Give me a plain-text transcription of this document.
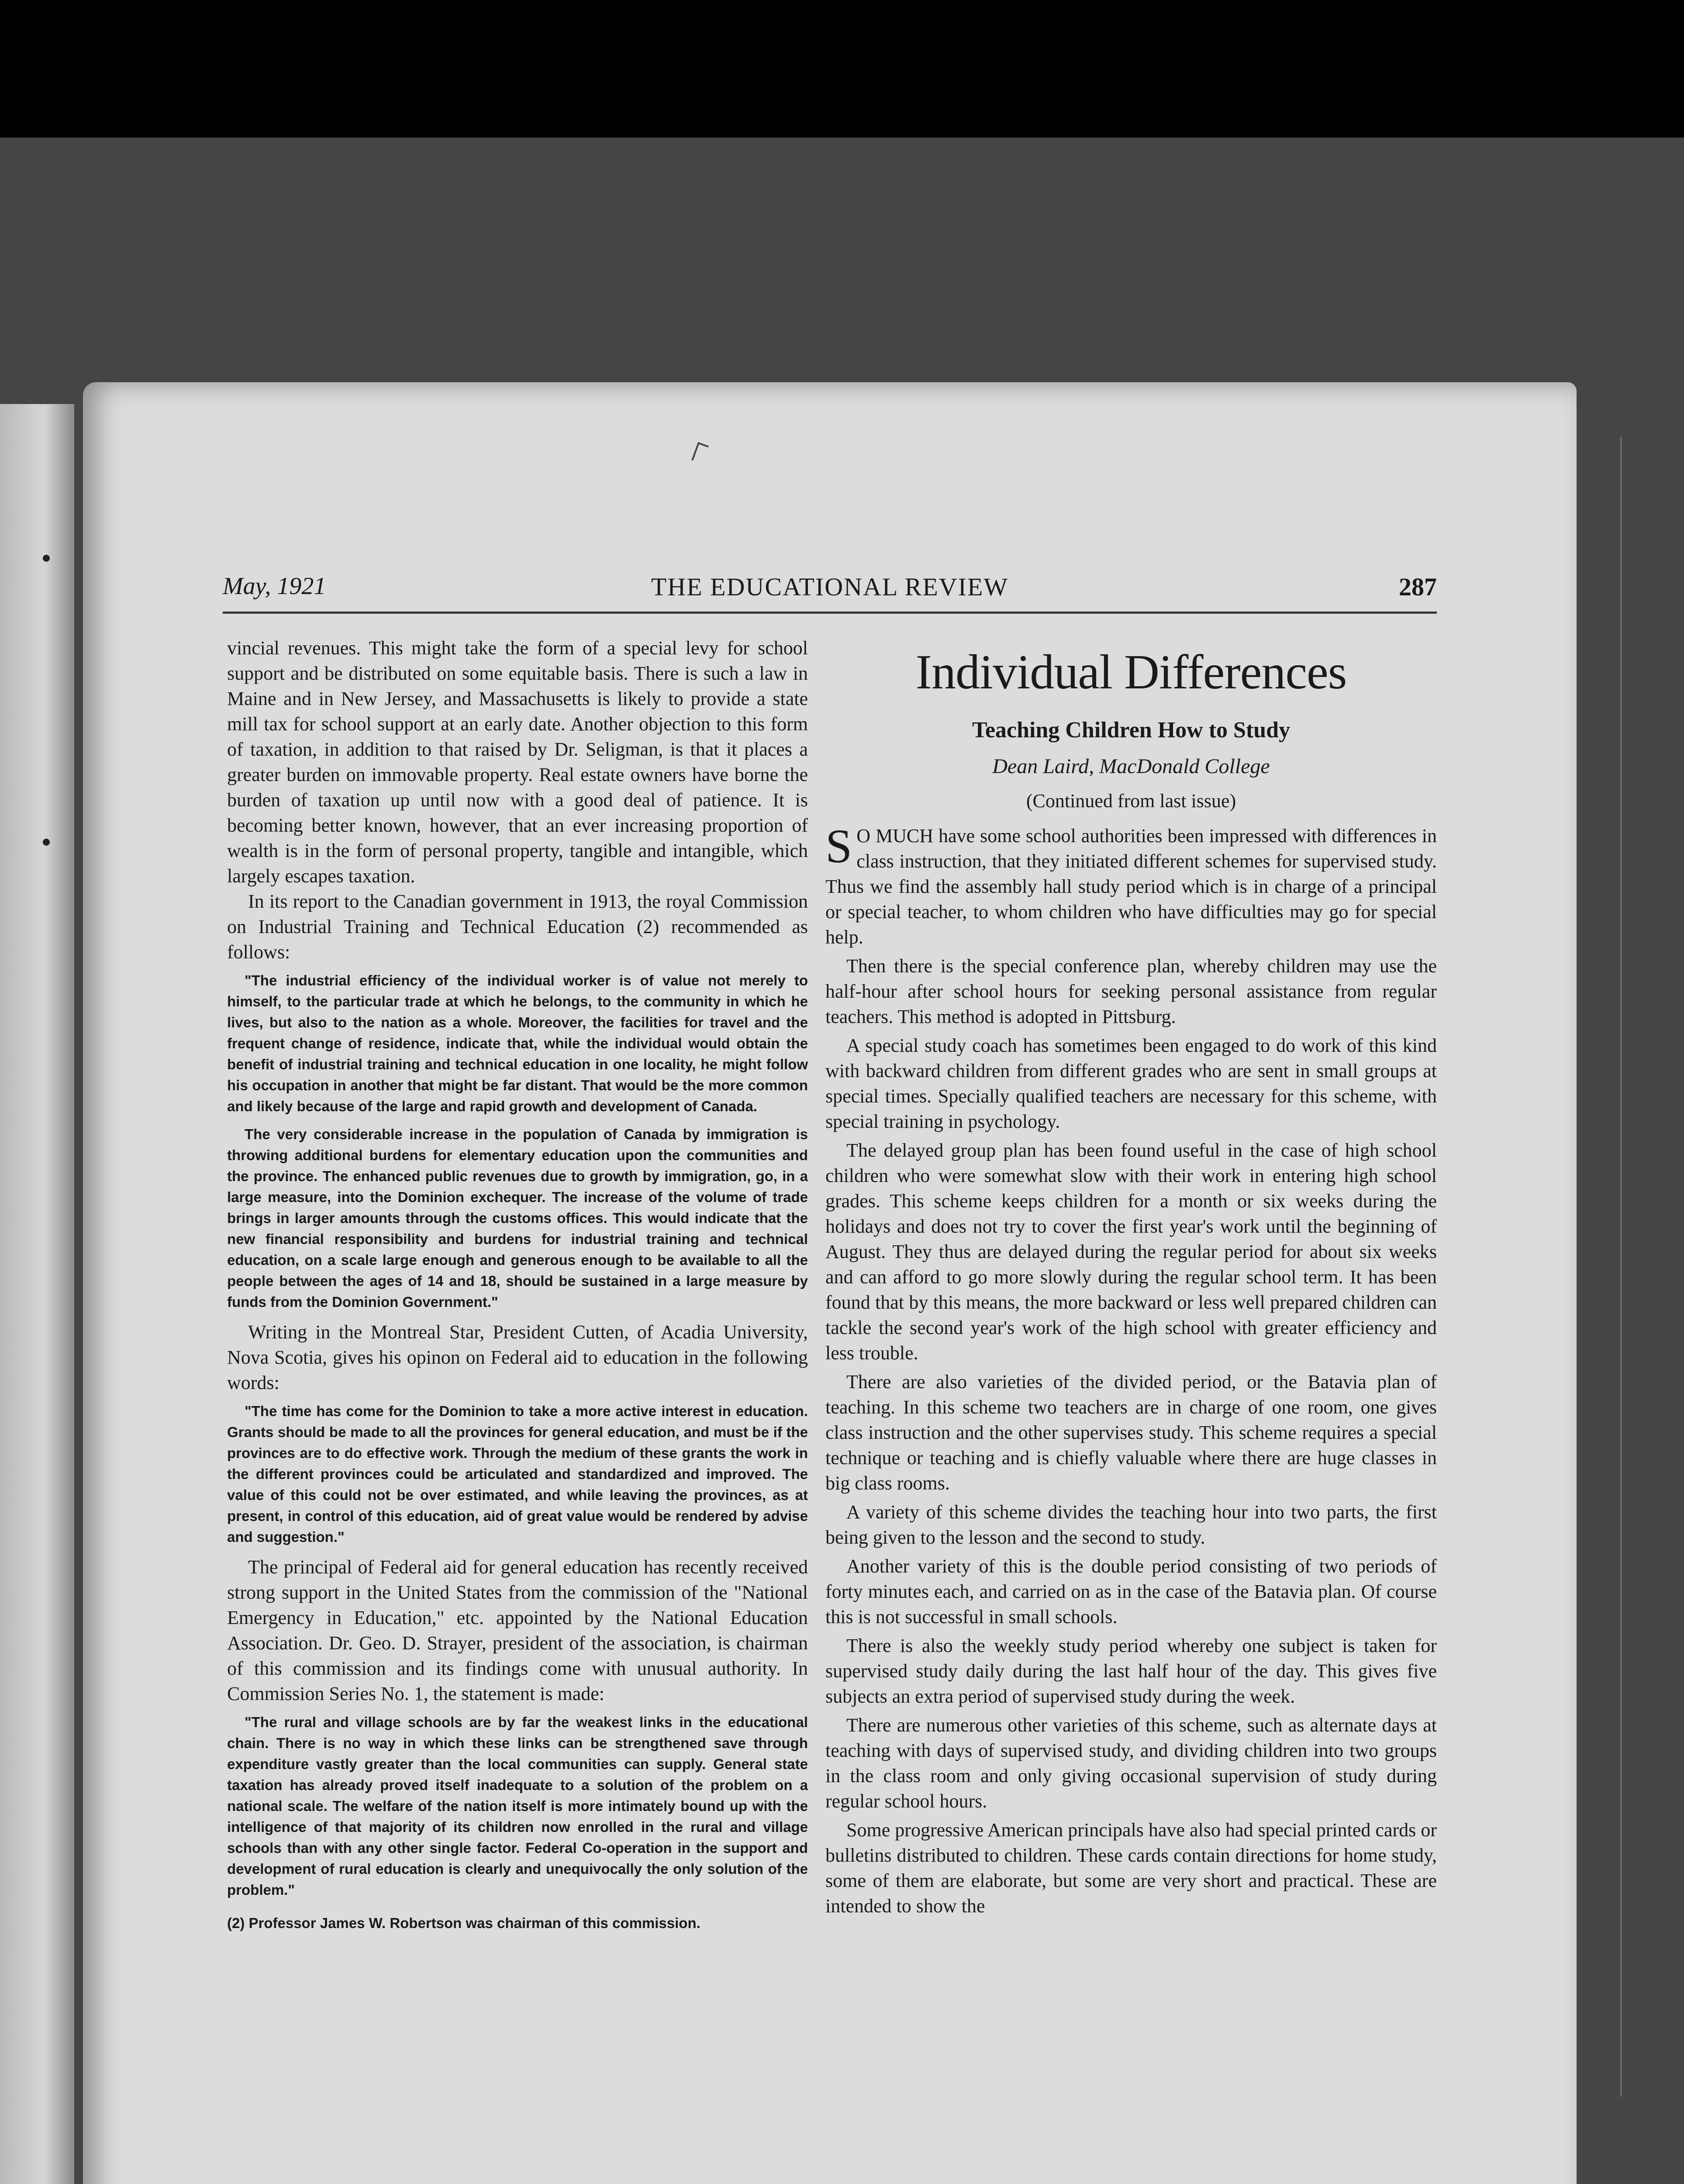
May, 1921	THE EDUCATIONAL REVIEW	287

vincial revenues. This might take the form of a special levy for school support and be distributed on some equitable basis. There is such a law in Maine and in New Jersey, and Massachusetts is likely to provide a state mill tax for school support at an early date. Another objection to this form of taxation, in addition to that raised by Dr. Seligman, is that it places a greater burden on immovable property. Real estate owners have borne the burden of taxation up until now with a good deal of patience. It is becoming better known, however, that an ever increasing proportion of wealth is in the form of personal property, tangible and intangible, which largely escapes taxation.

In its report to the Canadian government in 1913, the royal Commission on Industrial Training and Technical Education (2) recommended as follows:

"The industrial efficiency of the individual worker is of value not merely to himself, to the particular trade at which he belongs, to the community in which he lives, but also to the nation as a whole. Moreover, the facilities for travel and the frequent change of residence, indicate that, while the individual would obtain the benefit of industrial training and technical education in one locality, he might follow his occupation in another that might be far distant. That would be the more common and likely because of the large and rapid growth and development of Canada.

The very considerable increase in the population of Canada by immigration is throwing additional burdens for elementary education upon the communities and the province. The enhanced public revenues due to growth by immigration, go, in a large measure, into the Dominion exchequer. The increase of the volume of trade brings in larger amounts through the customs offices. This would indicate that the new financial responsibility and burdens for industrial training and technical education, on a scale large enough and generous enough to be available to all the people between the ages of 14 and 18, should be sustained in a large measure by funds from the Dominion Government."

Writing in the Montreal Star, President Cutten, of Acadia University, Nova Scotia, gives his opinon on Federal aid to education in the following words:

"The time has come for the Dominion to take a more active interest in education. Grants should be made to all the provinces for general education, and must be if the provinces are to do effective work. Through the medium of these grants the work in the different provinces could be articulated and standardized and improved. The value of this could not be over estimated, and while leaving the provinces, as at present, in control of this education, aid of great value would be rendered by advise and suggestion."

The principal of Federal aid for general education has recently received strong support in the United States from the commission of the "National Emergency in Education," etc. appointed by the National Education Association. Dr. Geo. D. Strayer, president of the association, is chairman of this commission and its findings come with unusual authority. In Commission Series No. 1, the statement is made:

"The rural and village schools are by far the weakest links in the educational chain. There is no way in which these links can be strengthened save through expenditure vastly greater than the local communities can supply. General state taxation has already proved itself inadequate to a solution of the problem on a national scale. The welfare of the nation itself is more intimately bound up with the intelligence of that majority of its children now enrolled in the rural and village schools than with any other single factor. Federal Co-operation in the support and development of rural education is clearly and unequivocally the only solution of the problem."

(2) Professor James W. Robertson was chairman of this commission.

Individual Differences

Teaching Children How to Study

Dean Laird, MacDonald College

(Continued from last issue)

S O MUCH have some school authorities been impressed with differences in class instruction, that they initiated different schemes for supervised study. Thus we find the assembly hall study period which is in charge of a principal or special teacher, to whom children who have difficulties may go for special help.

Then there is the special conference plan, whereby children may use the half-hour after school hours for seeking personal assistance from regular teachers. This method is adopted in Pittsburg.

A special study coach has sometimes been engaged to do work of this kind with backward children from different grades who are sent in small groups at special times. Specially qualified teachers are necessary for this scheme, with special training in psychology.

The delayed group plan has been found useful in the case of high school children who were somewhat slow with their work in entering high school grades. This scheme keeps children for a month or six weeks during the holidays and does not try to cover the first year's work until the beginning of August. They thus are delayed during the regular period for about six weeks and can afford to go more slowly during the regular school term. It has been found that by this means, the more backward or less well prepared children can tackle the second year's work of the high school with greater efficiency and less trouble.

There are also varieties of the divided period, or the Batavia plan of teaching. In this scheme two teachers are in charge of one room, one gives class instruction and the other supervises study. This scheme requires a special technique or teaching and is chiefly valuable where there are huge classes in big class rooms.

A variety of this scheme divides the teaching hour into two parts, the first being given to the lesson and the second to study.

Another variety of this is the double period consisting of two periods of forty minutes each, and carried on as in the case of the Batavia plan. Of course this is not successful in small schools.

There is also the weekly study period whereby one subject is taken for supervised study daily during the last half hour of the day. This gives five subjects an extra period of supervised study during the week.

There are numerous other varieties of this scheme, such as alternate days at teaching with days of supervised study, and dividing children into two groups in the class room and only giving occasional supervision of study during regular school hours.

Some progressive American principals have also had special printed cards or bulletins distributed to children. These cards contain directions for home study, some of them are elaborate, but some are very short and practical. These are intended to show the
